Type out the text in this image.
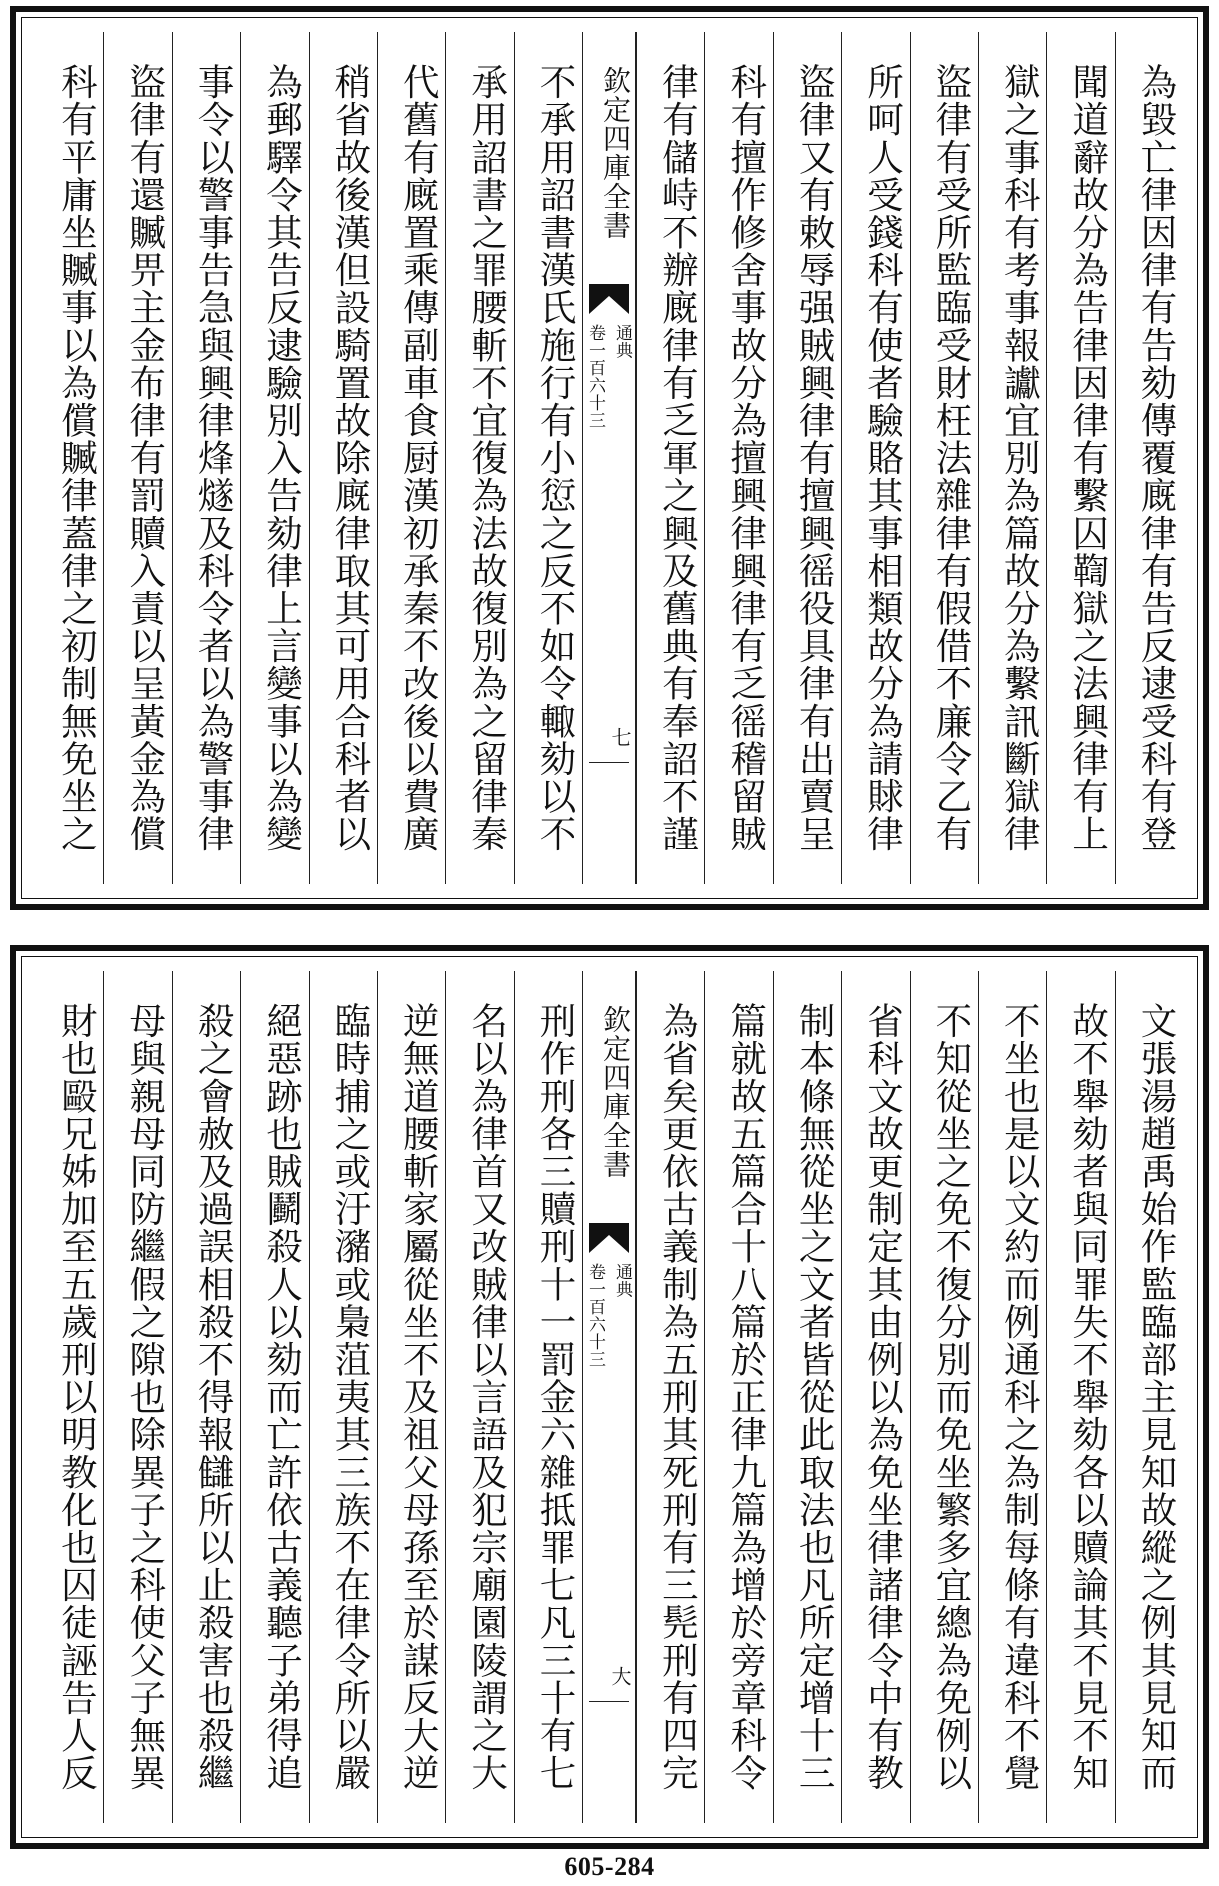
為毀亡律因律有告劾傳覆廐律有告反逮受科有登
聞道辭故分為告律因律有繫囚鞫獄之法興律有上
獄之事科有考事報讞宜別為篇故分為繫訊斷獄律
盜律有受所監臨受財枉法雜律有假借不廉令乙有
所呵人受錢科有使者驗賂其事相類故分為請賕律
盜律又有敕辱强賊興律有擅興徭役具律有出賣呈
科有擅作修舍事故分為擅興律興律有乏徭稽留賊
律有儲峙不辦廐律有乏軍之興及舊典有奉詔不謹
欽定四庫全書
通典
卷一百六十三
七
不承用詔書漢氏施行有小愆之反不如令輙劾以不
承用詔書之罪腰斬不宜復為法故復別為之留律秦
代舊有廐置乘傳副車食厨漢初承秦不改後以費廣
稍省故後漢但設騎置故除廐律取其可用合科者以
為郵驛令其告反逮驗別入告劾律上言變事以為變
事令以警事告急與興律烽燧及科令者以為警事律
盜律有還贓畀主金布律有罰贖入責以呈黃金為償
科有平庸坐贓事以為償贓律蓋律之初制無免坐之
文張湯趙禹始作監臨部主見知故縱之例其見知而
故不舉劾者與同罪失不舉劾各以贖論其不見不知
不坐也是以文約而例通科之為制每條有違科不覺
不知從坐之免不復分別而免坐繁多宜總為免例以
省科文故更制定其由例以為免坐律諸律令中有教
制本條無從坐之文者皆從此取法也凡所定增十三
篇就故五篇合十八篇於正律九篇為增於旁章科令
為省矣更依古義制為五刑其死刑有三髡刑有四完
欽定四庫全書
通典
卷一百六十三
大
刑作刑各三贖刑十一罰金六雜抵罪七凡三十有七
名以為律首又改賊律以言語及犯宗廟園陵謂之大
逆無道腰斬家屬從坐不及祖父母孫至於謀反大逆
臨時捕之或汙瀦或梟菹夷其三族不在律令所以嚴
絕惡跡也賊鬬殺人以劾而亡許依古義聽子弟得追
殺之會赦及過誤相殺不得報讎所以止殺害也殺繼
母與親母同防繼假之隙也除異子之科使父子無異
財也毆兄姊加至五歲刑以明教化也囚徒誣告人反
605-284
